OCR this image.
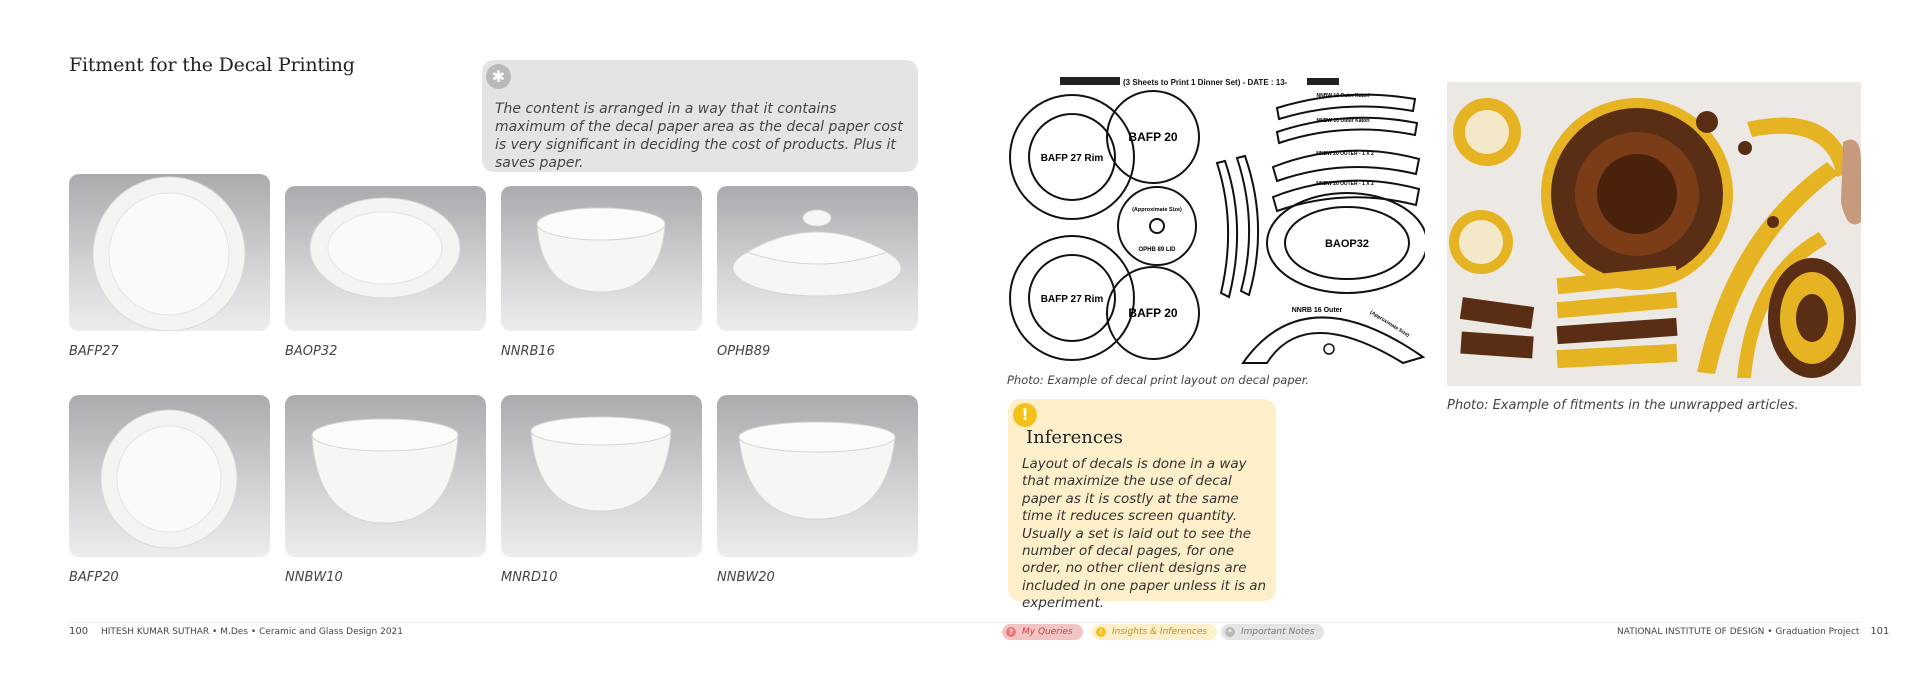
Fitment for the Decal Printing
✱
The content is arranged in a way that it contains maximum of the decal paper area as the decal paper cost is very significant in deciding the cost of products. Plus it saves paper.
BAFP27	BAOP32	NNRB16	OPHB89
BAFP20	NNBW10	MNRD10	NNBW20
(3 Sheets to Print 1 Dinner Set) - DATE : 13-
BAFP 27 Rim
BAFP 27 Rim
BAFP 20
BAFP 20
(Approximate Size)
OPHB 89 LID
NNBW 10 Outer Katori
NNBW 10 Outer Katori
NNBW 20 OUTER - 1 X 2
NNBW 20 OUTER - 1 X 2
BAOP32
NNRB 16 Outer	(Approximate Size)
Photo: Example of decal print layout on decal paper.
Photo: Example of fitments in the unwrapped articles.
!
Inferences
Layout of decals is done in a way that maximize the use of decal paper as it is costly at the same time it reduces screen quantity. Usually a set is laid out to see the number of decal pages, for one order, no other client designs are included in one paper unless it is an experiment.
100 HITESH KUMAR SUTHAR • M.Des • Ceramic and Glass Design 2021	? My Queries	!	Insights & Inferences	*	Important Notes	NATIONAL INSTITUTE OF DESIGN • Graduation Project 101
